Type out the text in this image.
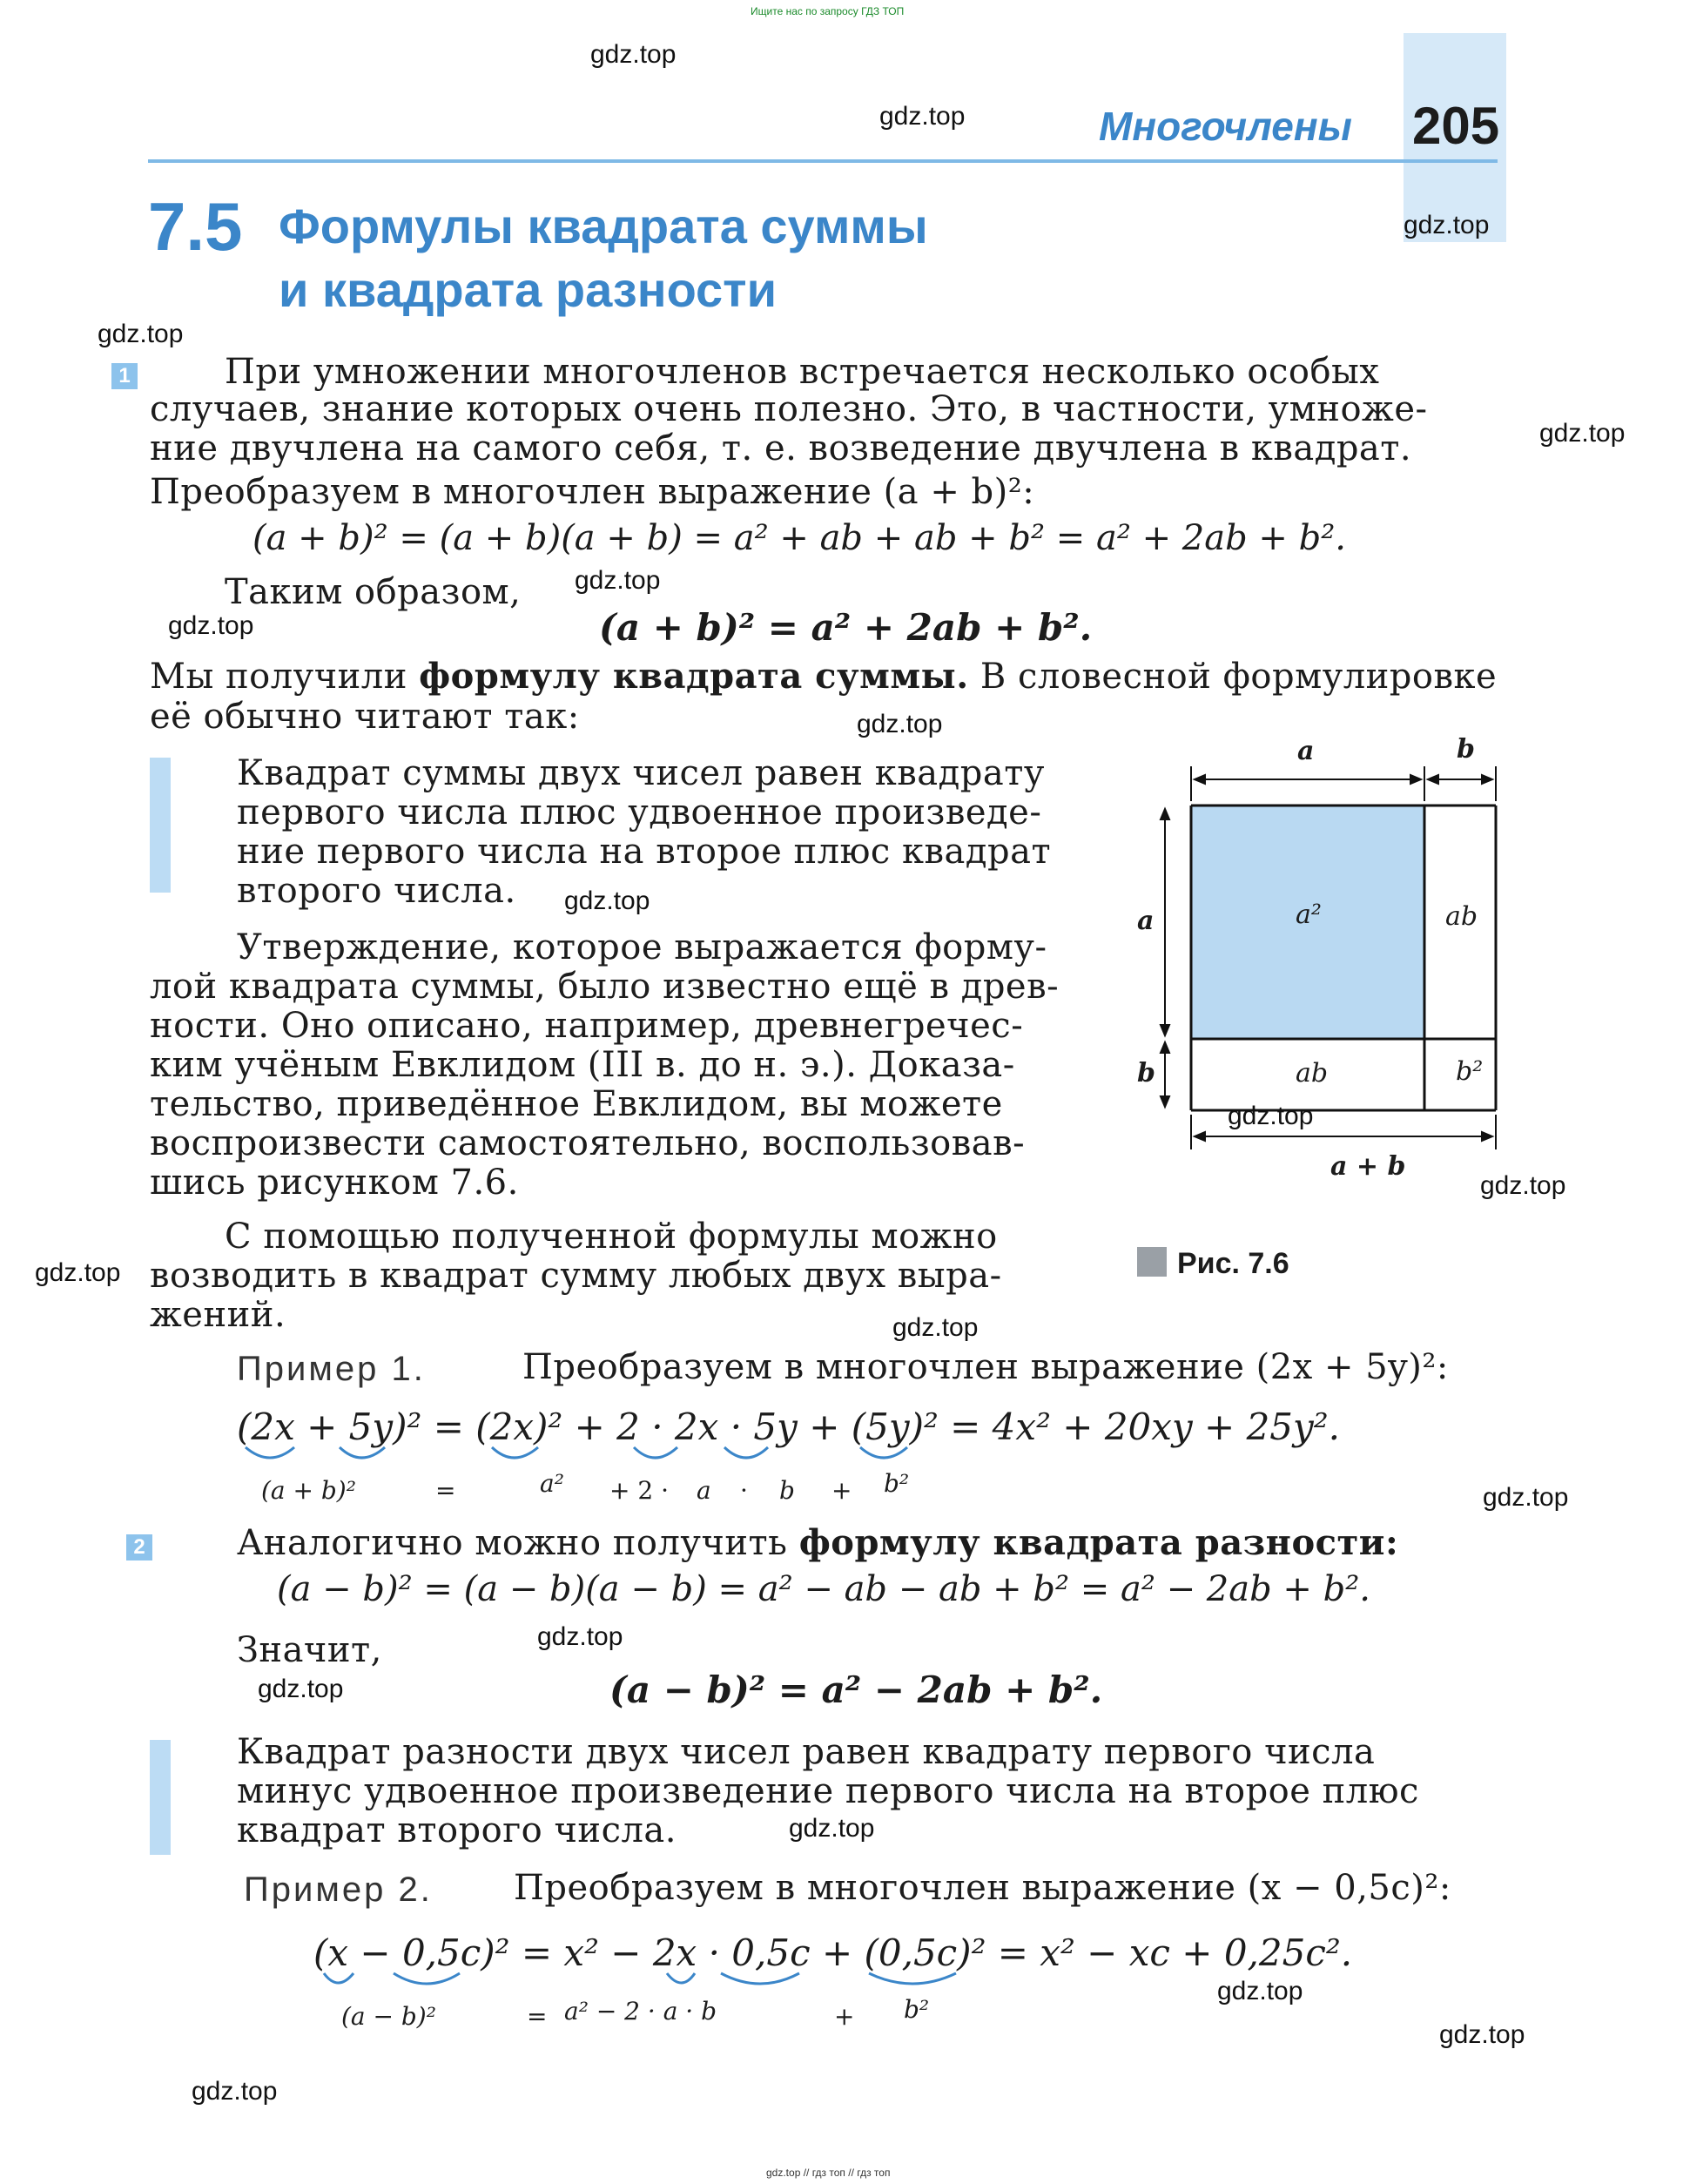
Ищите нас по запросу ГДЗ ТОП
gdz.top // гдз топ // гдз топ
Многочлены 205
7.5 Формулы квадрата суммы
и квадрата разности
1	При умножении многочленов встречается несколько особых
случаев, знание которых очень полезно. Это, в частности, умноже-
ние двучлена на самого себя, т. е. возведение двучлена в квадрат.
Преобразуем в многочлен выражение (a + b)²:
(a + b)² = (a + b)(a + b) = a² + ab + ab + b² = a² + 2ab + b².
Таким образом,
(a + b)² = a² + 2ab + b².
Мы получили формулу квадрата суммы. В словесной формулировке
её обычно читают так:
Квадрат суммы двух чисел равен квадрату
первого числа плюс удвоенное произведе-
ние первого числа на второе плюс квадрат
второго числа.
Утверждение, которое выражается форму-
лой квадрата суммы, было известно ещё в древ-
ности. Оно описано, например, древнегречес-
ким учёным Евклидом (III в. до н. э.). Доказа-
тельство, приведённое Евклидом, вы можете
воспроизвести самостоятельно, воспользовав-
шись рисунком 7.6.
С помощью полученной формулы можно
возводить в квадрат сумму любых двух выра-
жений.
a	b
a
b
a²	ab
ab	b²
a + b
Рис. 7.6
Пример 1.	Преобразуем в многочлен выражение (2x + 5y)²:
(2x + 5y)² = (2x)² + 2 · 2x · 5y + (5y)² = 4x² + 20xy + 25y².
(a + b)²	=	a² + 2 · a · b + b²
2	Аналогично можно получить формулу квадрата разности:
(a − b)² = (a − b)(a − b) = a² − ab − ab + b² = a² − 2ab + b².
Значит,
(a − b)² = a² − 2ab + b².
Квадрат разности двух чисел равен квадрату первого числа
минус удвоенное произведение первого числа на второе плюс
квадрат второго числа.
Пример 2. Преобразуем в многочлен выражение (x − 0,5c)²:
(x − 0,5c)² = x² − 2x · 0,5c + (0,5c)² = x² − xc + 0,25c².
(a − b)²	= a² − 2 · a · b	+ b²
gdz.top
gdz.top
gdz.top
gdz.top
gdz.top
gdz.top
gdz.top
gdz.top
gdz.top
gdz.top
gdz.top
gdz.top
gdz.top
gdz.top
gdz.top
gdz.top
gdz.top
gdz.top
gdz.top
gdz.top
